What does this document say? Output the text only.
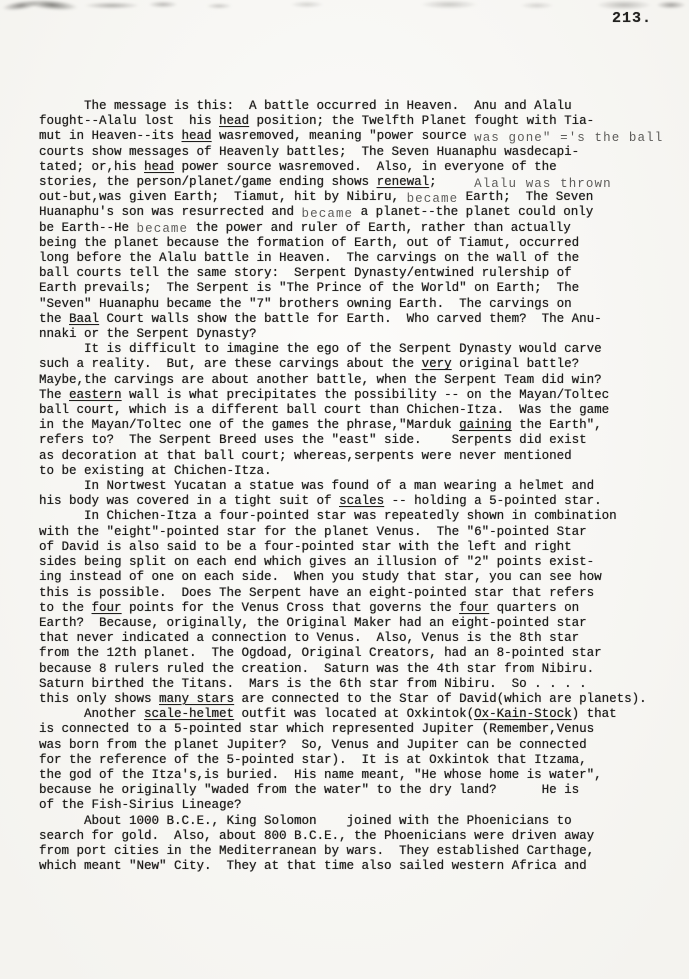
213.
The message is this:  A battle occurred in Heaven.  Anu and Alalu
fought--Alalu lost  his head position; the Twelfth Planet fought with Tia-
mut in Heaven--its head wasremoved, meaning "power source was gone" ='s the ball
courts show messages of Heavenly battles;  The Seven Huanaphu wasdecapi-
tated; or,his head power source wasremoved.  Also, in everyone of the
stories, the person/planet/game ending shows renewal;     Alalu was thrown
out-but,was given Earth;  Tiamut, hit by Nibiru, became Earth;  The Seven
Huanaphu's son was resurrected and became a planet--the planet could only
be Earth--He became the power and ruler of Earth, rather than actually
being the planet because the formation of Earth, out of Tiamut, occurred
long before the Alalu battle in Heaven.  The carvings on the wall of the
ball courts tell the same story:  Serpent Dynasty/entwined rulership of
Earth prevails;  The Serpent is "The Prince of the World" on Earth;  The
"Seven" Huanaphu became the "7" brothers owning Earth.  The carvings on
the Baal Court walls show the battle for Earth.  Who carved them?  The Anu-
nnaki or the Serpent Dynasty?
It is difficult to imagine the ego of the Serpent Dynasty would carve
such a reality.  But, are these carvings about the very original battle?
Maybe,the carvings are about another battle, when the Serpent Team did win?
The eastern wall is what precipitates the possibility -- on the Mayan/Toltec
ball court, which is a different ball court than Chichen-Itza.  Was the game
in the Mayan/Toltec one of the games the phrase,"Marduk gaining the Earth",
refers to?  The Serpent Breed uses the "east" side.    Serpents did exist
as decoration at that ball court; whereas,serpents were never mentioned
to be existing at Chichen-Itza.
In Nortwest Yucatan a statue was found of a man wearing a helmet and
his body was covered in a tight suit of scales -- holding a 5-pointed star.
In Chichen-Itza a four-pointed star was repeatedly shown in combination
with the "eight"-pointed star for the planet Venus.  The "6"-pointed Star
of David is also said to be a four-pointed star with the left and right
sides being split on each end which gives an illusion of "2" points exist-
ing instead of one on each side.  When you study that star, you can see how
this is possible.  Does The Serpent have an eight-pointed star that refers
to the four points for the Venus Cross that governs the four quarters on
Earth?  Because, originally, the Original Maker had an eight-pointed star
that never indicated a connection to Venus.  Also, Venus is the 8th star
from the 12th planet.  The Ogdoad, Original Creators, had an 8-pointed star
because 8 rulers ruled the creation.  Saturn was the 4th star from Nibiru.
Saturn birthed the Titans.  Mars is the 6th star from Nibiru.  So . . . .
this only shows many stars are connected to the Star of David(which are planets).
Another scale-helmet outfit was located at Oxkintok(Ox-Kain-Stock) that
is connected to a 5-pointed star which represented Jupiter (Remember,Venus
was born from the planet Jupiter?  So, Venus and Jupiter can be connected
for the reference of the 5-pointed star).  It is at Oxkintok that Itzama,
the god of the Itza's,is buried.  His name meant, "He whose home is water",
because he originally "waded from the water" to the dry land?      He is
of the Fish-Sirius Lineage?
About 1000 B.C.E., King Solomon    joined with the Phoenicians to
search for gold.  Also, about 800 B.C.E., the Phoenicians were driven away
from port cities in the Mediterranean by wars.  They established Carthage,
which meant "New" City.  They at that time also sailed western Africa and
